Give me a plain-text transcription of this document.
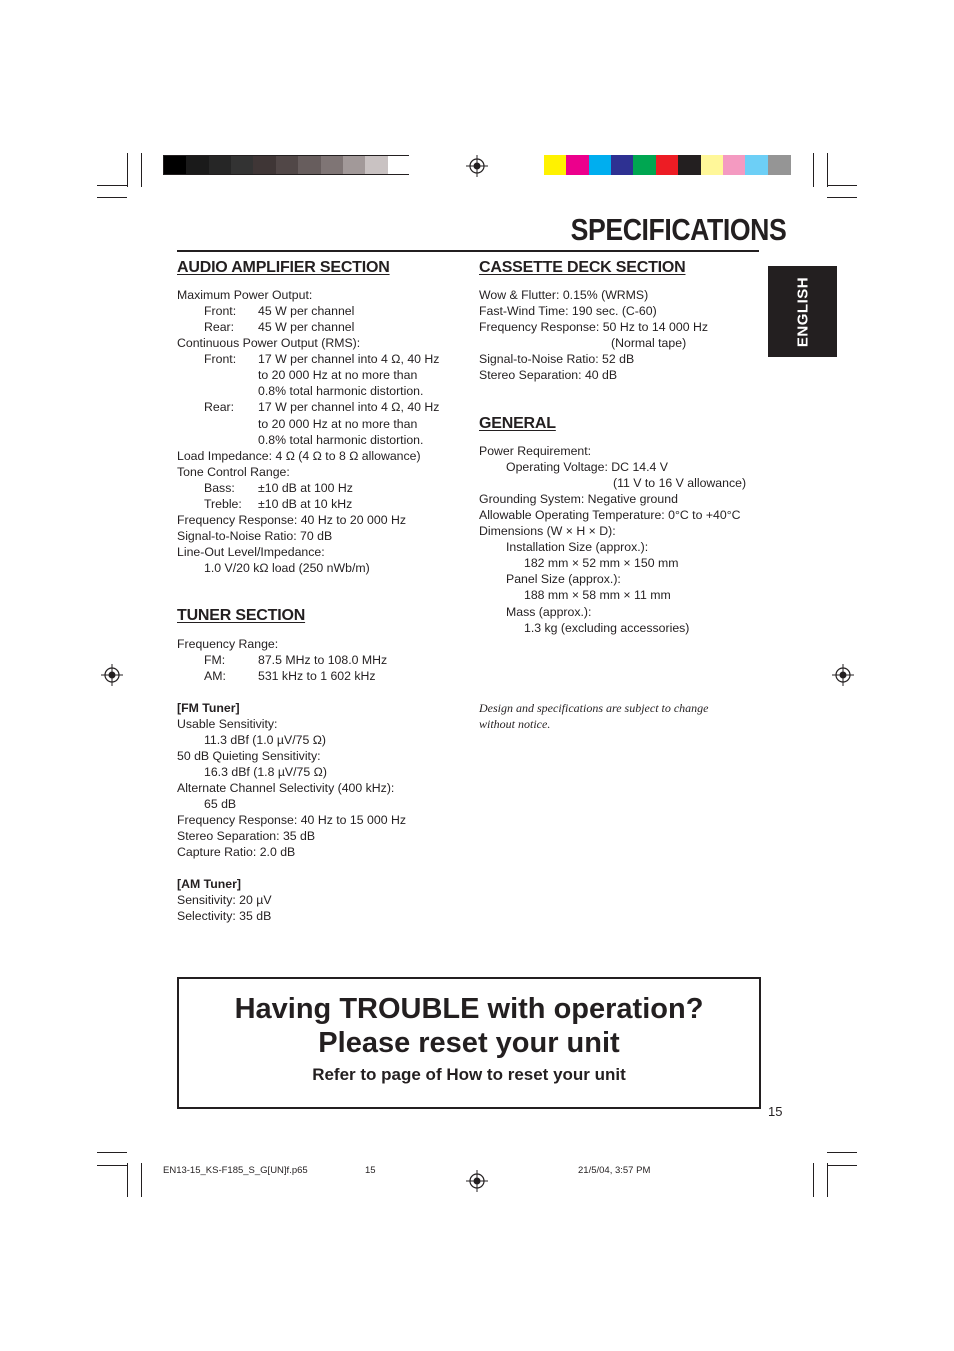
SPECIFICATIONS
ENGLISH
AUDIO AMPLIFIER SECTION
Maximum Power Output:
Front: 45 W per channel
Rear: 45 W per channel
Continuous Power Output (RMS):
Front: 17 W per channel into 4 Ω, 40 Hz
to 20 000 Hz at no more than
0.8% total harmonic distortion.
Rear: 17 W per channel into 4 Ω, 40 Hz
to 20 000 Hz at no more than
0.8% total harmonic distortion.
Load Impedance: 4 Ω (4 Ω to 8 Ω allowance)
Tone Control Range:
Bass: ±10 dB at 100 Hz
Treble: ±10 dB at 10 kHz
Frequency Response: 40 Hz to 20 000 Hz
Signal-to-Noise Ratio: 70 dB
Line-Out Level/Impedance:
1.0 V/20 kΩ load (250 nWb/m)
TUNER SECTION
Frequency Range:
FM:	87.5 MHz to 108.0 MHz
AM:	531 kHz to 1 602 kHz
[FM Tuner]
Usable Sensitivity:
11.3 dBf (1.0 µV/75 Ω)
50 dB Quieting Sensitivity:
16.3 dBf (1.8 µV/75 Ω)
Alternate Channel Selectivity (400 kHz):
65 dB
Frequency Response: 40 Hz to 15 000 Hz
Stereo Separation: 35 dB
Capture Ratio: 2.0 dB
[AM Tuner]
Sensitivity: 20 µV
Selectivity: 35 dB
CASSETTE DECK SECTION
Wow & Flutter: 0.15% (WRMS)
Fast-Wind Time: 190 sec. (C-60)
Frequency Response: 50 Hz to 14 000 Hz
(Normal tape)
Signal-to-Noise Ratio: 52 dB
Stereo Separation: 40 dB
GENERAL
Power Requirement:
Operating Voltage: DC 14.4 V
(11 V to 16 V allowance)
Grounding System: Negative ground
Allowable Operating Temperature: 0°C to +40°C
Dimensions (W × H × D):
Installation Size (approx.):
182 mm × 52 mm × 150 mm
Panel Size (approx.):
188 mm × 58 mm × 11 mm
Mass (approx.):
1.3 kg (excluding accessories)
Design and specifications are subject to change
without notice.
Having TROUBLE with operation?
Please reset your unit
Refer to page of How to reset your unit
15
EN13-15_KS-F185_S_G[UN]f.p65	15	21/5/04, 3:57 PM
